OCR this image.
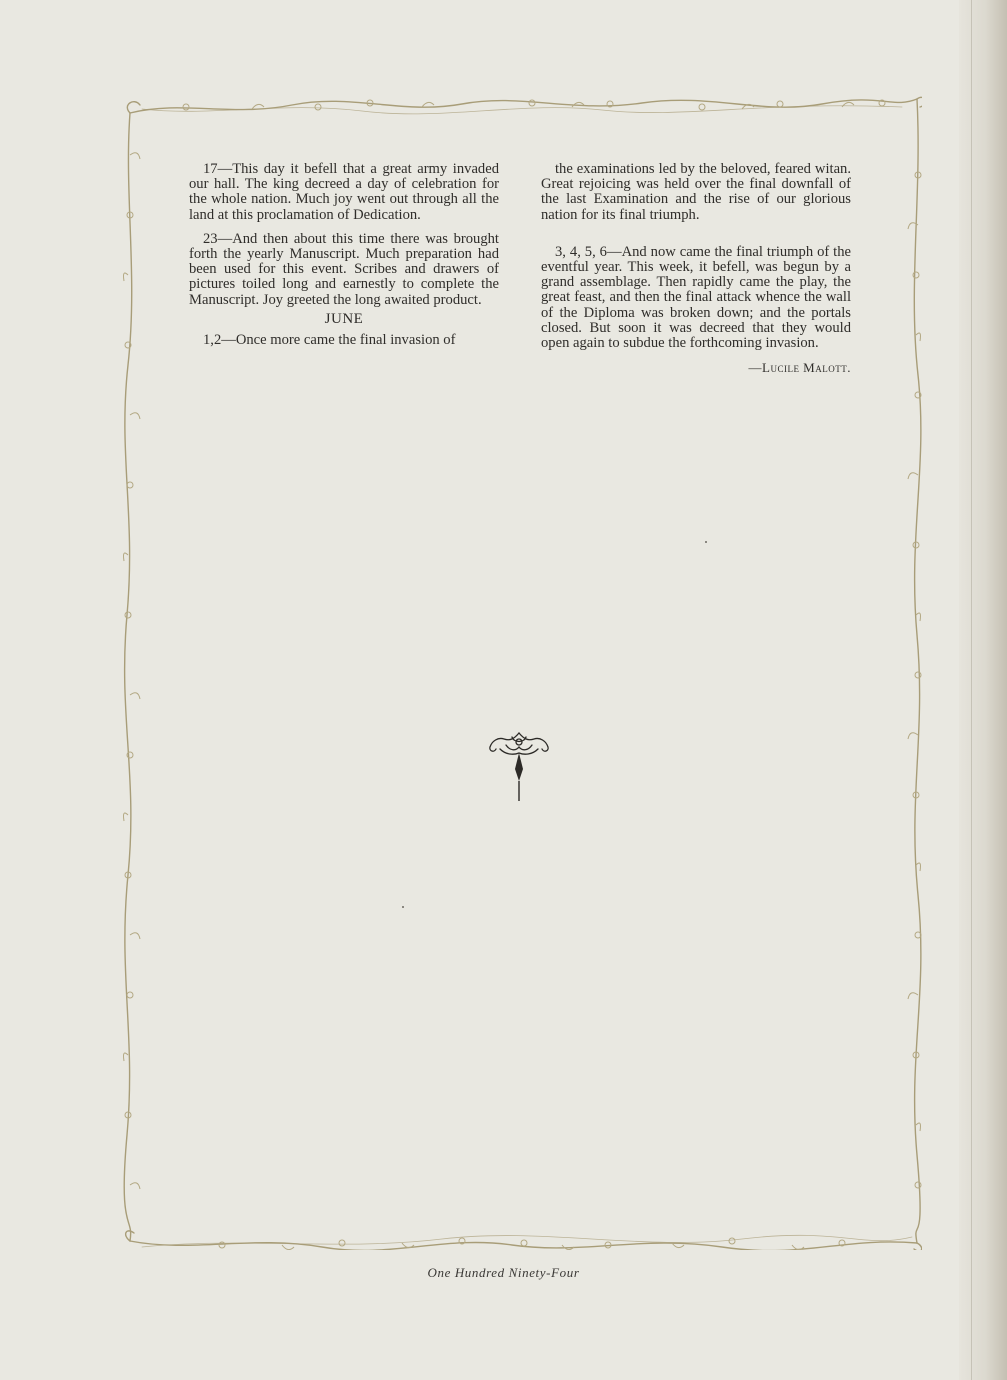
17—This day it befell that a great army invaded our hall. The king decreed a day of celebration for the whole nation. Much joy went out through all the land at this proclamation of Dedication.

23—And then about this time there was brought forth the yearly Manuscript. Much preparation had been used for this event. Scribes and drawers of pictures toiled long and earnestly to complete the Manuscript. Joy greeted the long awaited product.

JUNE

1,2—Once more came the final invasion of

the examinations led by the beloved, feared witan. Great rejoicing was held over the final downfall of the last Examination and the rise of our glorious nation for its final triumph.

3, 4, 5, 6—And now came the final triumph of the eventful year. This week, it befell, was begun by a grand assemblage. Then rapidly came the play, the great feast, and then the final attack whence the wall of the Diploma was broken down; and the portals closed. But soon it was decreed that they would open again to subdue the forthcoming invasion.

—Lucile Malott.
One Hundred Ninety-Four
